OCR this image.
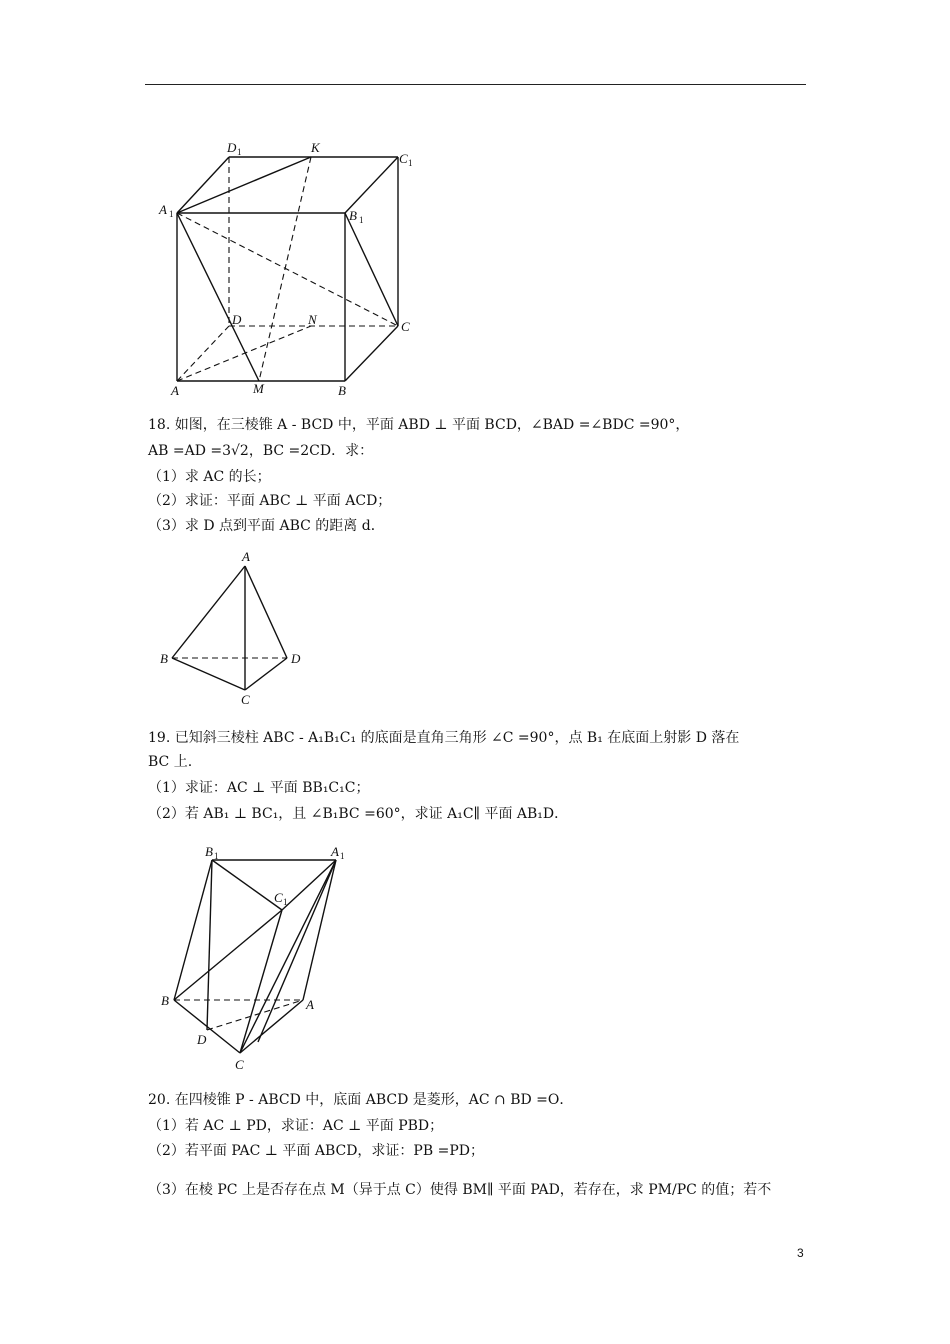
D 1	K
C 1
A 1	B 1
D	N	C
A	M	B
18. 如图，在三棱锥 A - BCD 中，平面 ABD ⊥ 平面 BCD，∠BAD =∠BDC =90°，
AB =AD =3√2，BC =2CD．求：
（1）求 AC 的长；
（2）求证：平面 ABC ⊥ 平面 ACD；
（3）求 D 点到平面 ABC 的距离 d．
A
B	D
C
19. 已知斜三棱柱 ABC - A₁B₁C₁ 的底面是直角三角形 ∠C =90°，点 B₁ 在底面上射影 D 落在
BC 上.
（1）求证：AC ⊥ 平面 BB₁C₁C；
（2）若 AB₁ ⊥ BC₁，且 ∠B₁BC =60°，求证 A₁C∥ 平面 AB₁D．
B 1	A 1
C 1
B	A
D
C
20. 在四棱锥 P - ABCD 中，底面 ABCD 是菱形，AC ∩ BD =O．
（1）若 AC ⊥ PD，求证：AC ⊥ 平面 PBD；
（2）若平面 PAC ⊥ 平面 ABCD，求证：PB =PD；
（3）在棱 PC 上是否存在点 M（异于点 C）使得 BM∥ 平面 PAD，若存在，求 PM/PC 的值；若不
3
